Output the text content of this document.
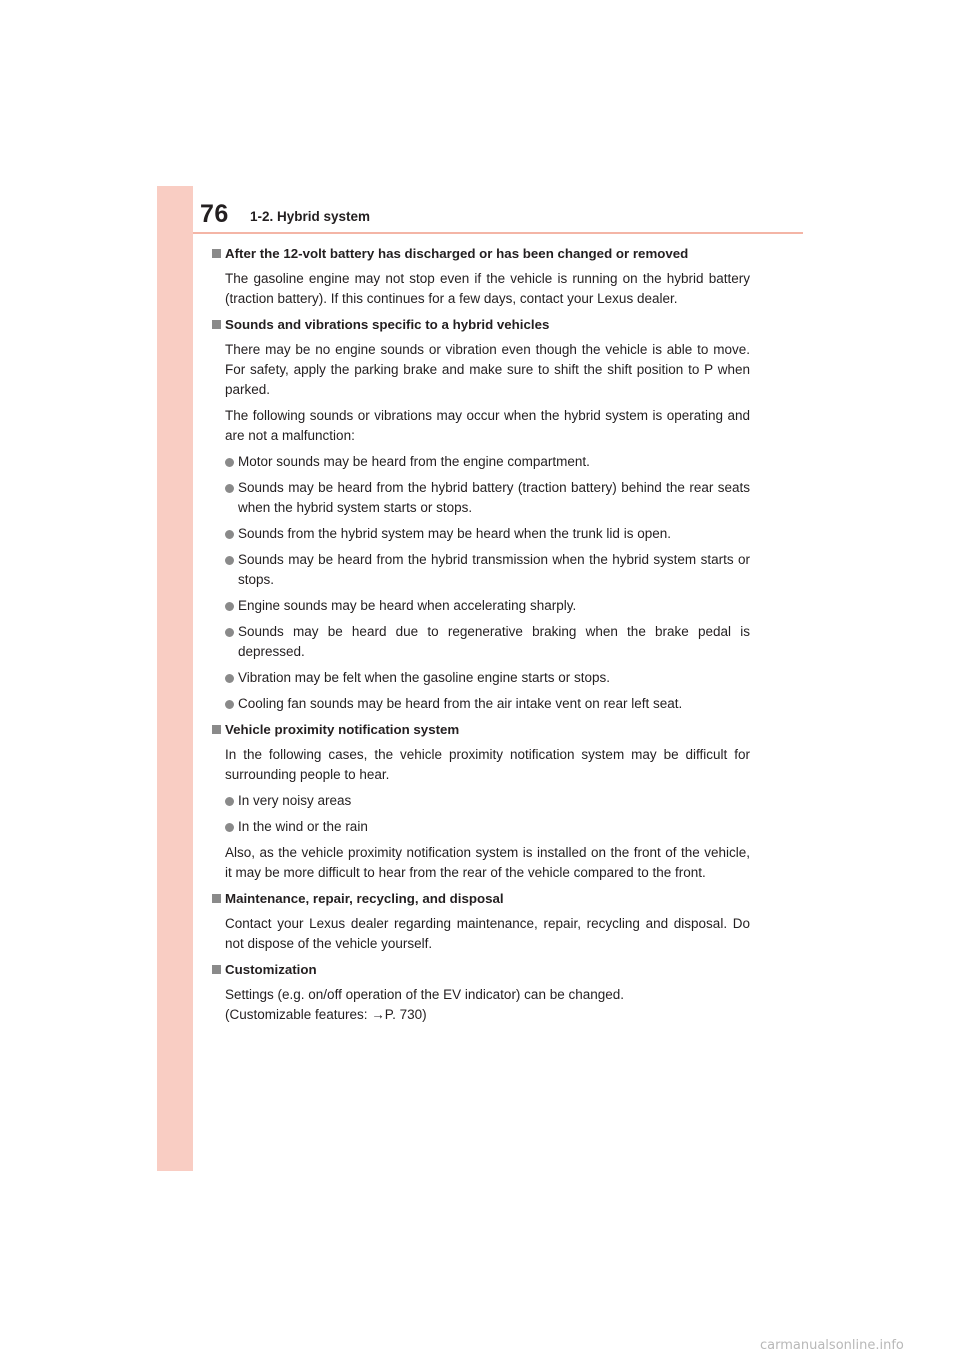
76 1-2. Hybrid system
After the 12-volt battery has discharged or has been changed or removed
The gasoline engine may not stop even if the vehicle is running on the hybrid battery (traction battery). If this continues for a few days, contact your Lexus dealer.
Sounds and vibrations specific to a hybrid vehicles
There may be no engine sounds or vibration even though the vehicle is able to move. For safety, apply the parking brake and make sure to shift the shift position to P when parked.
The following sounds or vibrations may occur when the hybrid system is operating and are not a malfunction:
Motor sounds may be heard from the engine compartment.
Sounds may be heard from the hybrid battery (traction battery) behind the rear seats when the hybrid system starts or stops.
Sounds from the hybrid system may be heard when the trunk lid is open.
Sounds may be heard from the hybrid transmission when the hybrid system starts or stops.
Engine sounds may be heard when accelerating sharply.
Sounds may be heard due to regenerative braking when the brake pedal is depressed.
Vibration may be felt when the gasoline engine starts or stops.
Cooling fan sounds may be heard from the air intake vent on rear left seat.
Vehicle proximity notification system
In the following cases, the vehicle proximity notification system may be difficult for surrounding people to hear.
In very noisy areas
In the wind or the rain
Also, as the vehicle proximity notification system is installed on the front of the vehicle, it may be more difficult to hear from the rear of the vehicle compared to the front.
Maintenance, repair, recycling, and disposal
Contact your Lexus dealer regarding maintenance, repair, recycling and disposal. Do not dispose of the vehicle yourself.
Customization
Settings (e.g. on/off operation of the EV indicator) can be changed.
(Customizable features: →P. 730)
carmanualsonline.info
